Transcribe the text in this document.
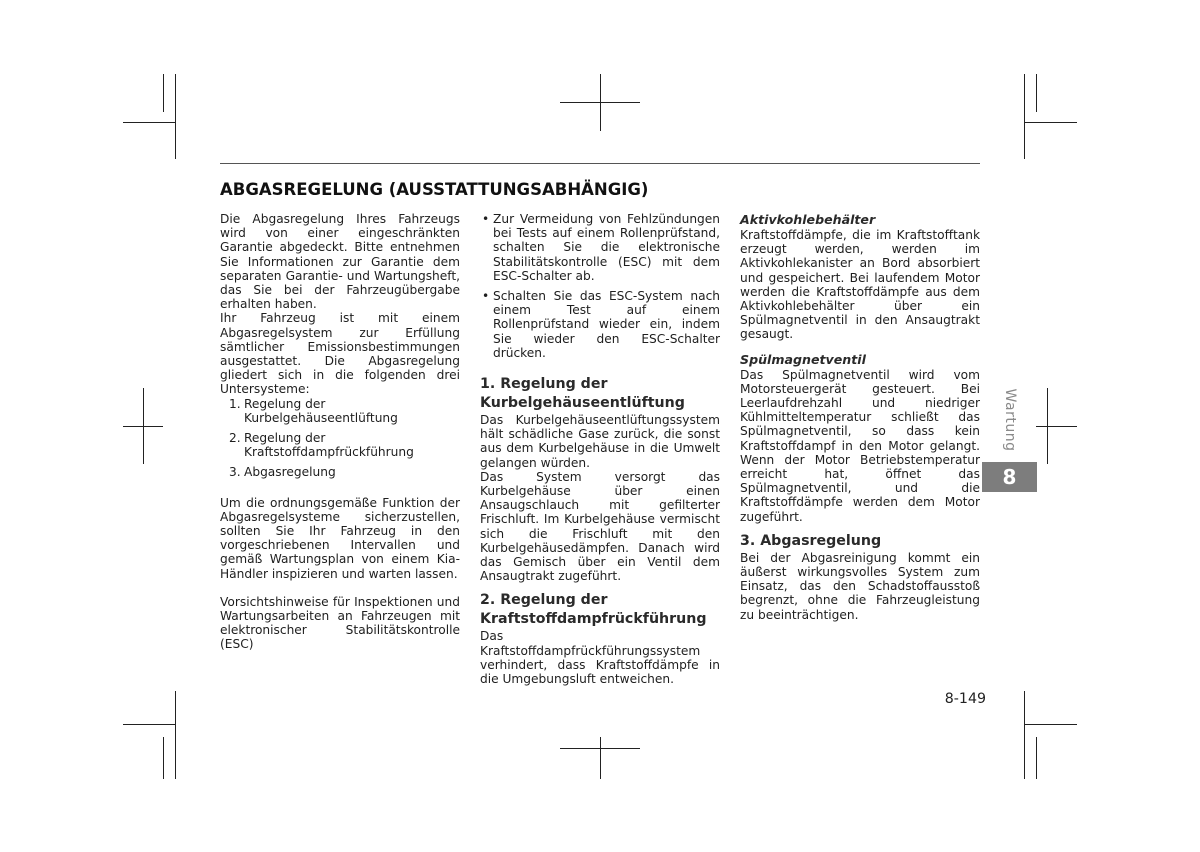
ABGASREGELUNG (AUSSTATTUNGSABHÄNGIG)

Die Abgasregelung Ihres Fahrzeugs wird von einer eingeschränkten Garantie abgedeckt. Bitte entnehmen Sie Informationen zur Garantie dem separaten Garantie- und Wartungsheft, das Sie bei der Fahrzeugübergabe erhalten haben.

Ihr Fahrzeug ist mit einem Abgasregelsystem zur Erfüllung sämtlicher Emissionsbestimmungen ausgestattet. Die Abgasregelung gliedert sich in die folgenden drei Untersysteme:

1. Regelung der Kurbelgehäuseentlüftung
2. Regelung der Kraftstoffdampfrückführung
3. Abgasregelung

Um die ordnungsgemäße Funktion der Abgasregelsysteme sicherzustellen, sollten Sie Ihr Fahrzeug in den vorgeschriebenen Intervallen und gemäß Wartungsplan von einem Kia-Händler inspizieren und warten lassen.

Vorsichtshinweise für Inspektionen und Wartungsarbeiten an Fahrzeugen mit elektronischer Stabilitätskontrolle (ESC)

• Zur Vermeidung von Fehlzündungen bei Tests auf einem Rollenprüfstand, schalten Sie die elektronische Stabilitätskontrolle (ESC) mit dem ESC-Schalter ab.
• Schalten Sie das ESC-System nach einem Test auf einem Rollenprüfstand wieder ein, indem Sie wieder den ESC-Schalter drücken.
1. Regelung der Kurbelgehäuseentlüftung

Das Kurbelgehäuseentlüftungssystem hält schädliche Gase zurück, die sonst aus dem Kurbelgehäuse in die Umwelt gelangen würden.

Das System versorgt das Kurbelgehäuse über einen Ansaugschlauch mit gefilterter Frischluft. Im Kurbelgehäuse vermischt sich die Frischluft mit den Kurbelgehäusedämpfen. Danach wird das Gemisch über ein Ventil dem Ansaugtrakt zugeführt.

2. Regelung der Kraftstoffdampfrückführung

Das Kraftstoffdampfrückführungssystem verhindert, dass Kraftstoffdämpfe in die Umgebungsluft entweichen.

Aktivkohlebehälter

Kraftstoffdämpfe, die im Kraftstofftank erzeugt werden, werden im Aktivkohlekanister an Bord absorbiert und gespeichert. Bei laufendem Motor werden die Kraftstoffdämpfe aus dem Aktivkohlebehälter über ein Spülmagnetventil in den Ansaugtrakt gesaugt.

Spülmagnetventil

Das Spülmagnetventil wird vom Motorsteuergerät gesteuert. Bei Leerlaufdrehzahl und niedriger Kühlmitteltemperatur schließt das Spülmagnetventil, so dass kein Kraftstoffdampf in den Motor gelangt. Wenn der Motor Betriebstemperatur erreicht hat, öffnet das Spülmagnetventil, und die Kraftstoffdämpfe werden dem Motor zugeführt.

3. Abgasregelung

Bei der Abgasreinigung kommt ein äußerst wirkungsvolles System zum Einsatz, das den Schadstoffausstoß begrenzt, ohne die Fahrzeugleistung zu beeinträchtigen.

Wartung
8
8-149
